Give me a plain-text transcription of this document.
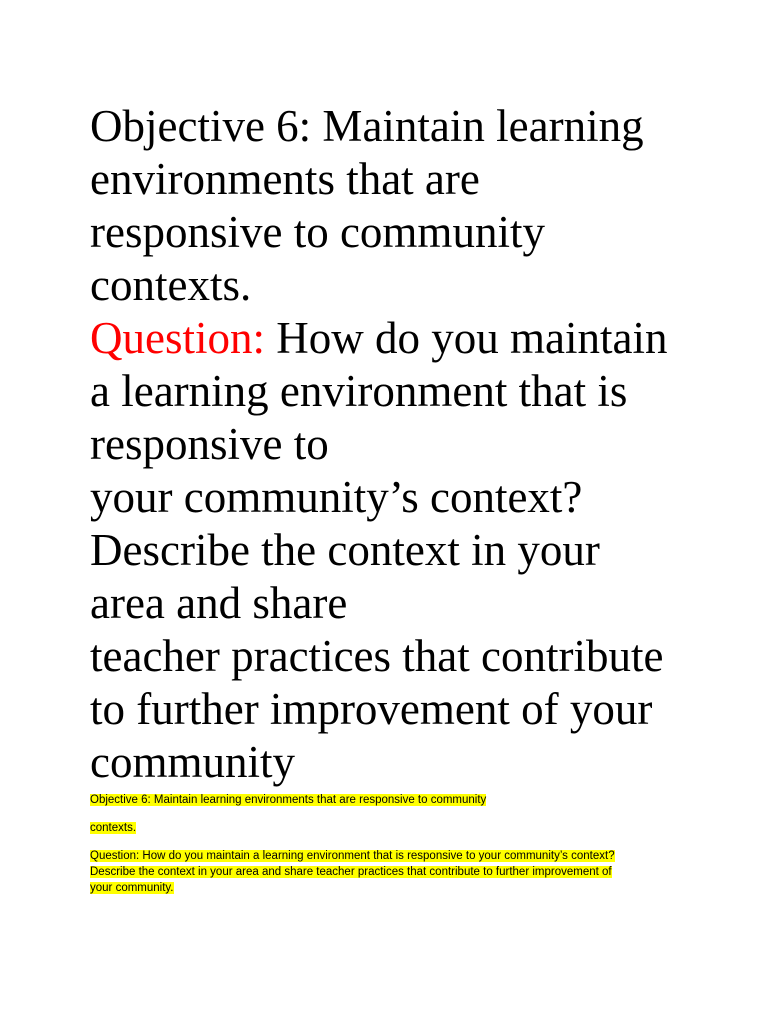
Objective 6: Maintain learning
environments that are
responsive to community
contexts.

Question: How do you maintain
a learning environment that is
responsive to
your community’s context?
Describe the context in your
area and share
teacher practices that contribute
to further improvement of your
community

Objective 6: Maintain learning environments that are responsive to community

contexts.

Question: How do you maintain a learning environment that is responsive to your community’s context?
Describe the context in your area and share teacher practices that contribute to further improvement of
your community.
